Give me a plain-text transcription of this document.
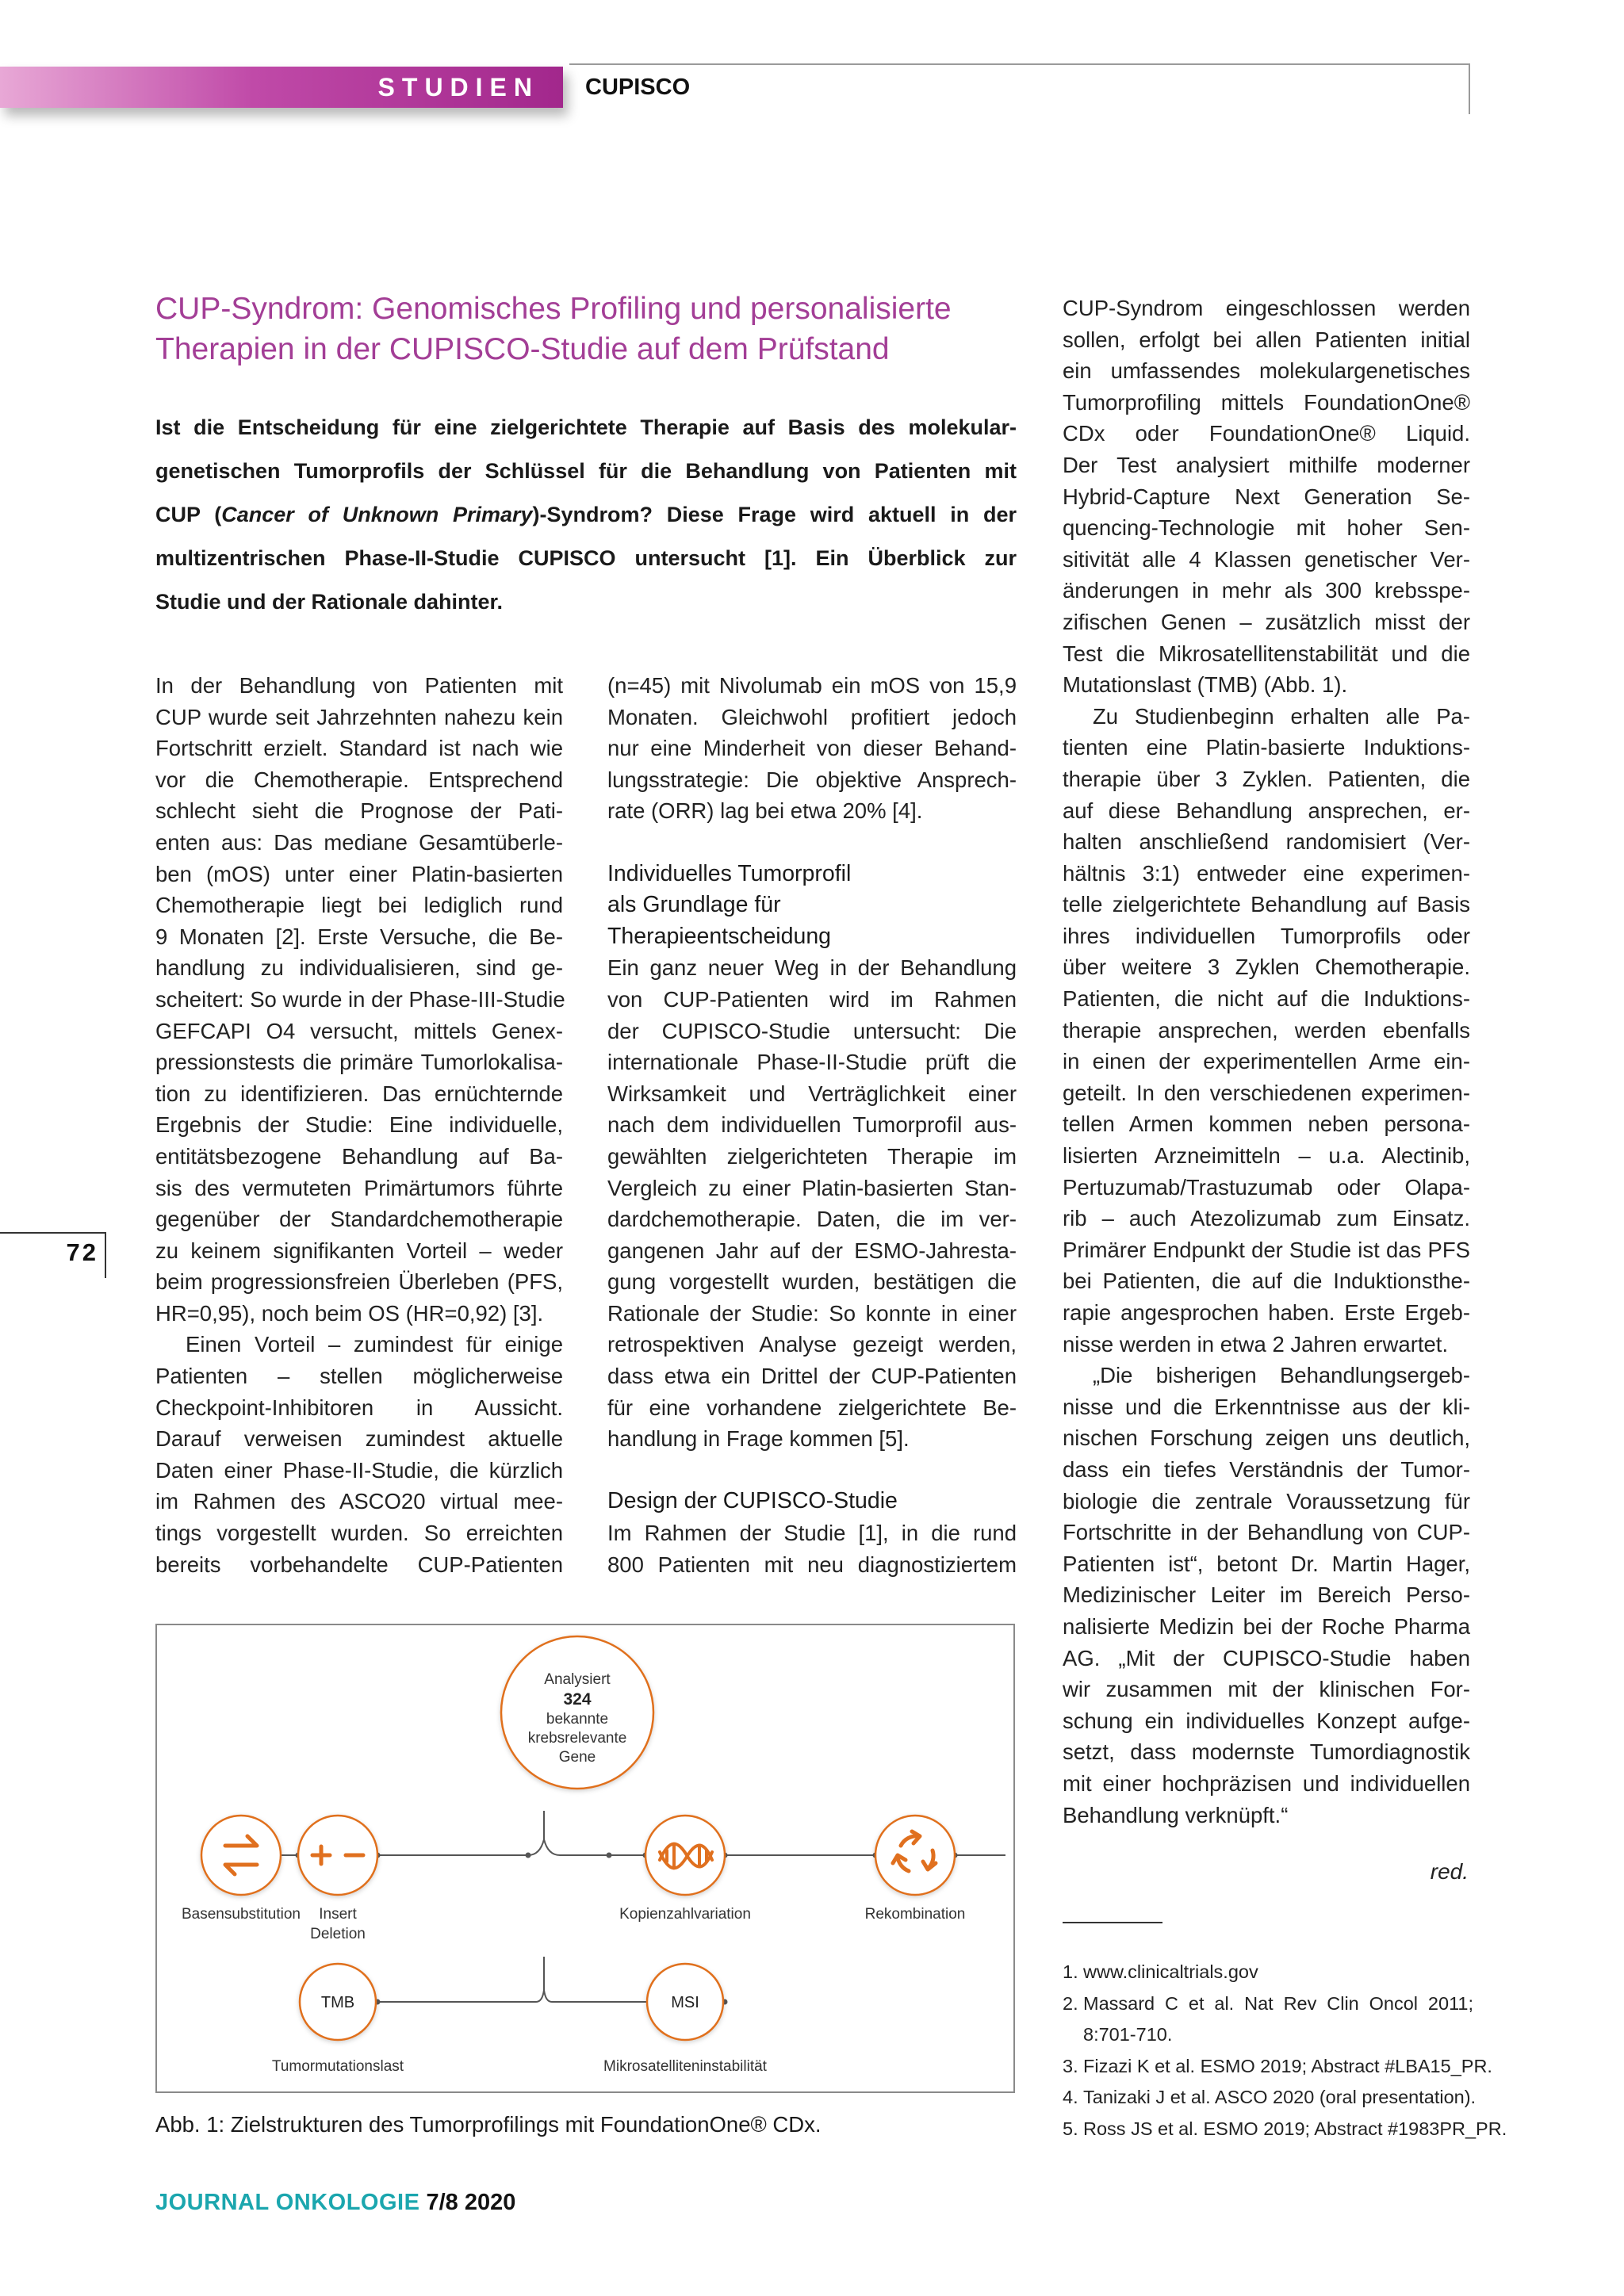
STUDIEN	CUPISCO
CUP-Syndrom: Genomisches Profiling und personalisierte
Therapien in der CUPISCO-Studie auf dem Prüfstand
Ist die Entscheidung für eine zielgerichtete Therapie auf Basis des molekular-
genetischen Tumorprofils der Schlüssel für die Behandlung von Patienten mit
CUP (Cancer of Unknown Primary)-Syndrom? Diese Frage wird aktuell in der
multizentrischen Phase-II-Studie CUPISCO untersucht [1]. Ein Überblick zur
Studie und der Rationale dahinter.
In der Behandlung von Patienten mit
CUP wurde seit Jahrzehnten nahezu kein
Fortschritt erzielt. Standard ist nach wie
vor die Chemotherapie. Entsprechend
schlecht sieht die Prognose der Pati-
enten aus: Das mediane Gesamtüberle-
ben (mOS) unter einer Platin-basierten
Chemotherapie liegt bei lediglich rund
9 Monaten [2]. Erste Versuche, die Be-
handlung zu individualisieren, sind ge-
scheitert: So wurde in der Phase-III-Studie
GEFCAPI O4 versucht, mittels Genex-
pressionstests die primäre Tumorlokalisa-
tion zu identifizieren. Das ernüchternde
Ergebnis der Studie: Eine individuelle,
entitätsbezogene Behandlung auf Ba-
sis des vermuteten Primärtumors führte
gegenüber der Standardchemotherapie
zu keinem signifikanten Vorteil – weder
beim progressionsfreien Überleben (PFS,
HR=0,95), noch beim OS (HR=0,92) [3].
Einen Vorteil – zumindest für einige
Patienten – stellen möglicherweise
Checkpoint-Inhibitoren in Aussicht.
Darauf verweisen zumindest aktuelle
Daten einer Phase-II-Studie, die kürzlich
im Rahmen des ASCO20 virtual mee-
tings vorgestellt wurden. So erreichten
bereits vorbehandelte CUP-Patienten
(n=45) mit Nivolumab ein mOS von 15,9
Monaten. Gleichwohl profitiert jedoch
nur eine Minderheit von dieser Behand-
lungsstrategie: Die objektive Ansprech-
rate (ORR) lag bei etwa 20% [4].
Individuelles Tumorprofil
als Grundlage für
Therapieentscheidung
Ein ganz neuer Weg in der Behandlung
von CUP-Patienten wird im Rahmen
der CUPISCO-Studie untersucht: Die
internationale Phase-II-Studie prüft die
Wirksamkeit und Verträglichkeit einer
nach dem individuellen Tumorprofil aus-
gewählten zielgerichteten Therapie im
Vergleich zu einer Platin-basierten Stan-
dardchemotherapie. Daten, die im ver-
gangenen Jahr auf der ESMO-Jahresta-
gung vorgestellt wurden, bestätigen die
Rationale der Studie: So konnte in einer
retrospektiven Analyse gezeigt werden,
dass etwa ein Drittel der CUP-Patienten
für eine vorhandene zielgerichtete Be-
handlung in Frage kommen [5].
Design der CUPISCO-Studie
Im Rahmen der Studie [1], in die rund
800 Patienten mit neu diagnostiziertem
CUP-Syndrom eingeschlossen werden
sollen, erfolgt bei allen Patienten initial
ein umfassendes molekulargenetisches
Tumorprofiling mittels FoundationOne®
CDx oder FoundationOne® Liquid.
Der Test analysiert mithilfe moderner
Hybrid-Capture Next Generation Se-
quencing-Technologie mit hoher Sen-
sitivität alle 4 Klassen genetischer Ver-
änderungen in mehr als 300 krebsspe-
zifischen Genen – zusätzlich misst der
Test die Mikrosatellitenstabilität und die
Mutationslast (TMB) (Abb. 1).
Zu Studienbeginn erhalten alle Pa-
tienten eine Platin-basierte Induktions-
therapie über 3 Zyklen. Patienten, die
auf diese Behandlung ansprechen, er-
halten anschließend randomisiert (Ver-
hältnis 3:1) entweder eine experimen-
telle zielgerichtete Behandlung auf Basis
ihres individuellen Tumorprofils oder
über weitere 3 Zyklen Chemotherapie.
Patienten, die nicht auf die Induktions-
therapie ansprechen, werden ebenfalls
in einen der experimentellen Arme ein-
geteilt. In den verschiedenen experimen-
tellen Armen kommen neben persona-
lisierten Arzneimitteln – u.a. Alectinib,
Pertuzumab/Trastuzumab oder Olapa-
rib – auch Atezolizumab zum Einsatz.
Primärer Endpunkt der Studie ist das PFS
bei Patienten, die auf die Induktionsthe-
rapie angesprochen haben. Erste Ergeb-
nisse werden in etwa 2 Jahren erwartet.
„Die bisherigen Behandlungsergeb-
nisse und die Erkenntnisse aus der kli-
nischen Forschung zeigen uns deutlich,
dass ein tiefes Verständnis der Tumor-
biologie die zentrale Voraussetzung für
Fortschritte in der Behandlung von CUP-
Patienten ist“, betont Dr. Martin Hager,
Medizinischer Leiter im Bereich Perso-
nalisierte Medizin bei der Roche Pharma
AG. „Mit der CUPISCO-Studie haben
wir zusammen mit der klinischen For-
schung ein individuelles Konzept aufge-
setzt, dass modernste Tumordiagnostik
mit einer hochpräzisen und individuellen
Behandlung verknüpft.“
red.
1. www.clinicaltrials.gov
2. Massard C et al. Nat Rev Clin Oncol 2011;
8:701-710.
3. Fizazi K et al. ESMO 2019; Abstract #LBA15_PR.
4. Tanizaki J et al. ASCO 2020 (oral presentation).
5. Ross JS et al. ESMO 2019; Abstract #1983PR_PR.
72
Analysiert
324
bekannte
krebsrelevante
Gene
TMB	MSI
Basensubstitution Insert
Deletion
Kopienzahlvariation	Rekombination
Tumormutationslast	Mikrosatelliteninstabilität
Abb. 1: Zielstrukturen des Tumorprofilings mit FoundationOne® CDx.
JOURNAL ONKOLOGIE 7/8 2020
